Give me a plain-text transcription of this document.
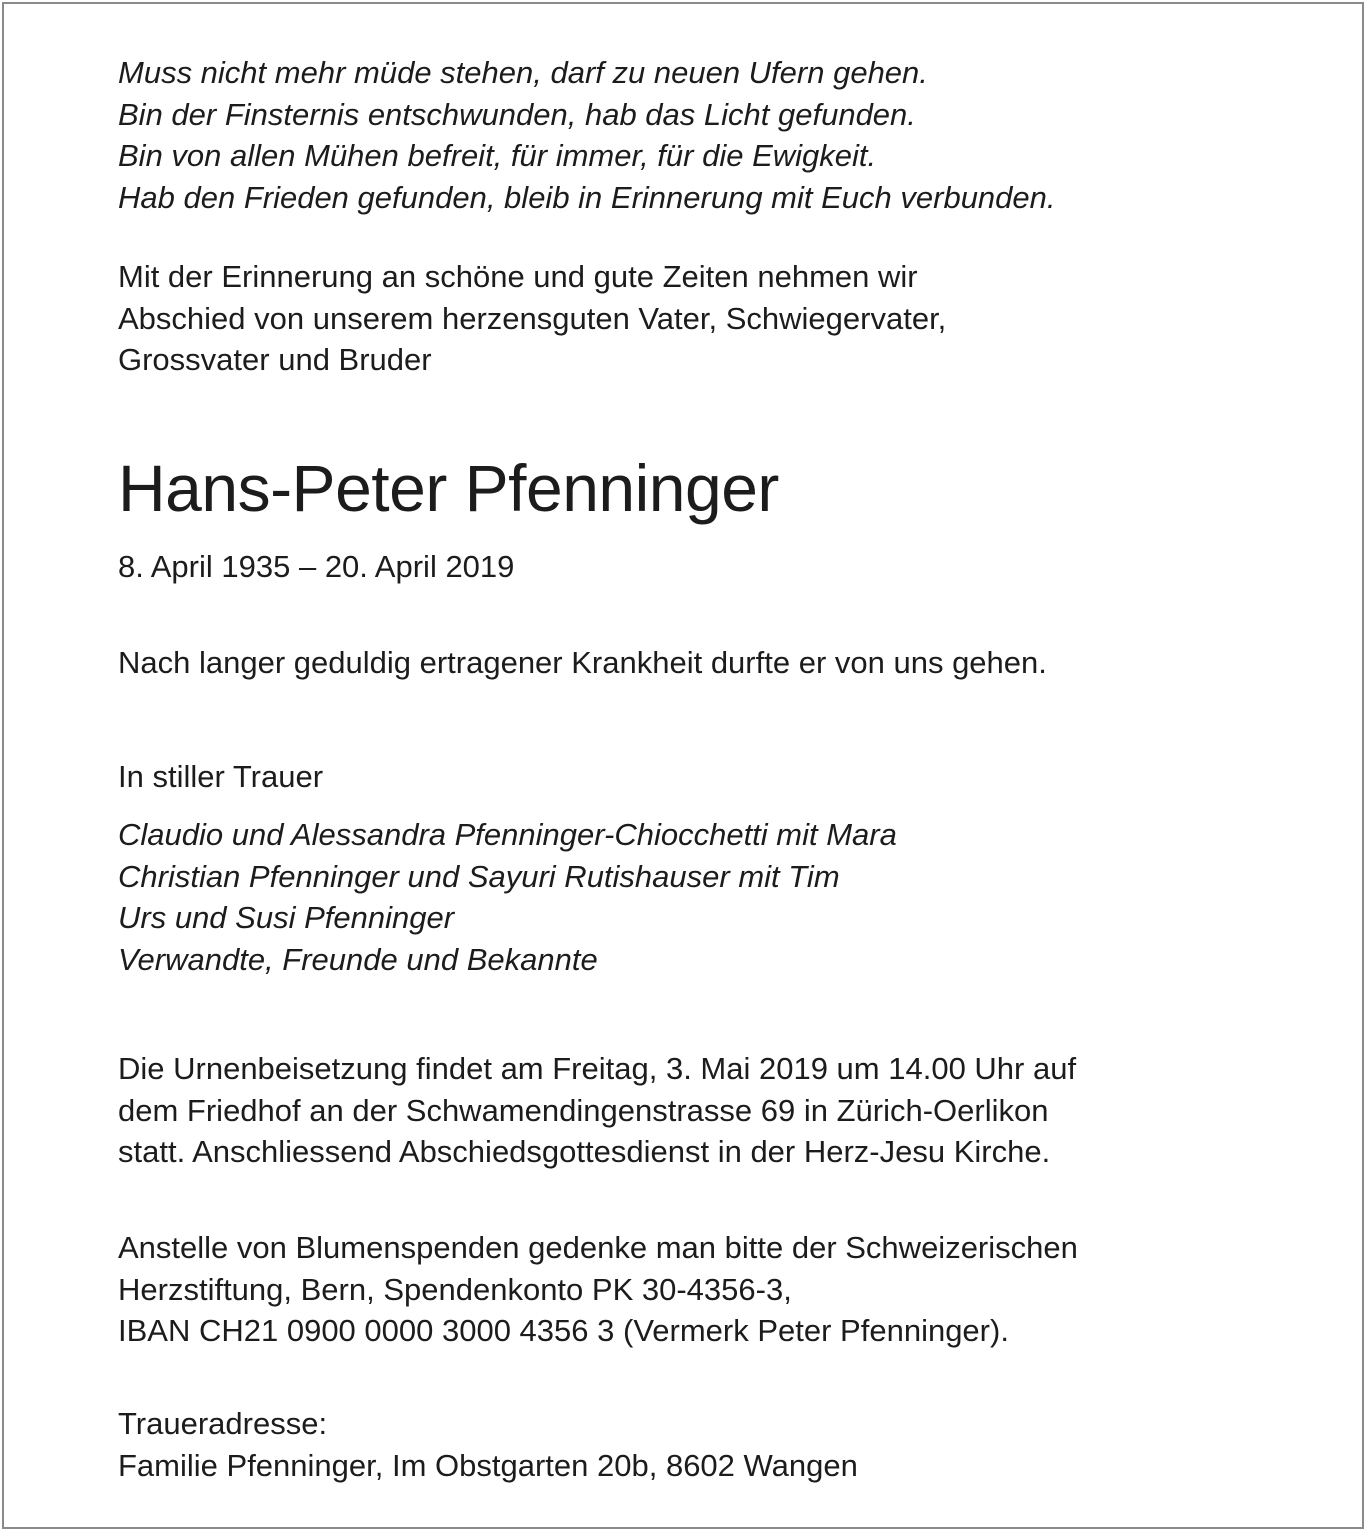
Muss nicht mehr müde stehen, darf zu neuen Ufern gehen.
Bin der Finsternis entschwunden, hab das Licht gefunden.
Bin von allen Mühen befreit, für immer, für die Ewigkeit.
Hab den Frieden gefunden, bleib in Erinnerung mit Euch verbunden.
Mit der Erinnerung an schöne und gute Zeiten nehmen wir
Abschied von unserem herzensguten Vater, Schwiegervater,
Grossvater und Bruder
Hans-Peter Pfenninger
8. April 1935 – 20. April 2019
Nach langer geduldig ertragener Krankheit durfte er von uns gehen.
In stiller Trauer
Claudio und Alessandra Pfenninger-Chiocchetti mit Mara
Christian Pfenninger und Sayuri Rutishauser mit Tim
Urs und Susi Pfenninger
Verwandte, Freunde und Bekannte
Die Urnenbeisetzung findet am Freitag, 3. Mai 2019 um 14.00 Uhr auf
dem Friedhof an der Schwamendingenstrasse 69 in Zürich-Oerlikon
statt. Anschliessend Abschiedsgottesdienst in der Herz-Jesu Kirche.
Anstelle von Blumenspenden gedenke man bitte der Schweizerischen
Herzstiftung, Bern, Spendenkonto PK 30-4356-3,
IBAN CH21 0900 0000 3000 4356 3 (Vermerk Peter Pfenninger).
Traueradresse:
Familie Pfenninger, Im Obstgarten 20b, 8602 Wangen
